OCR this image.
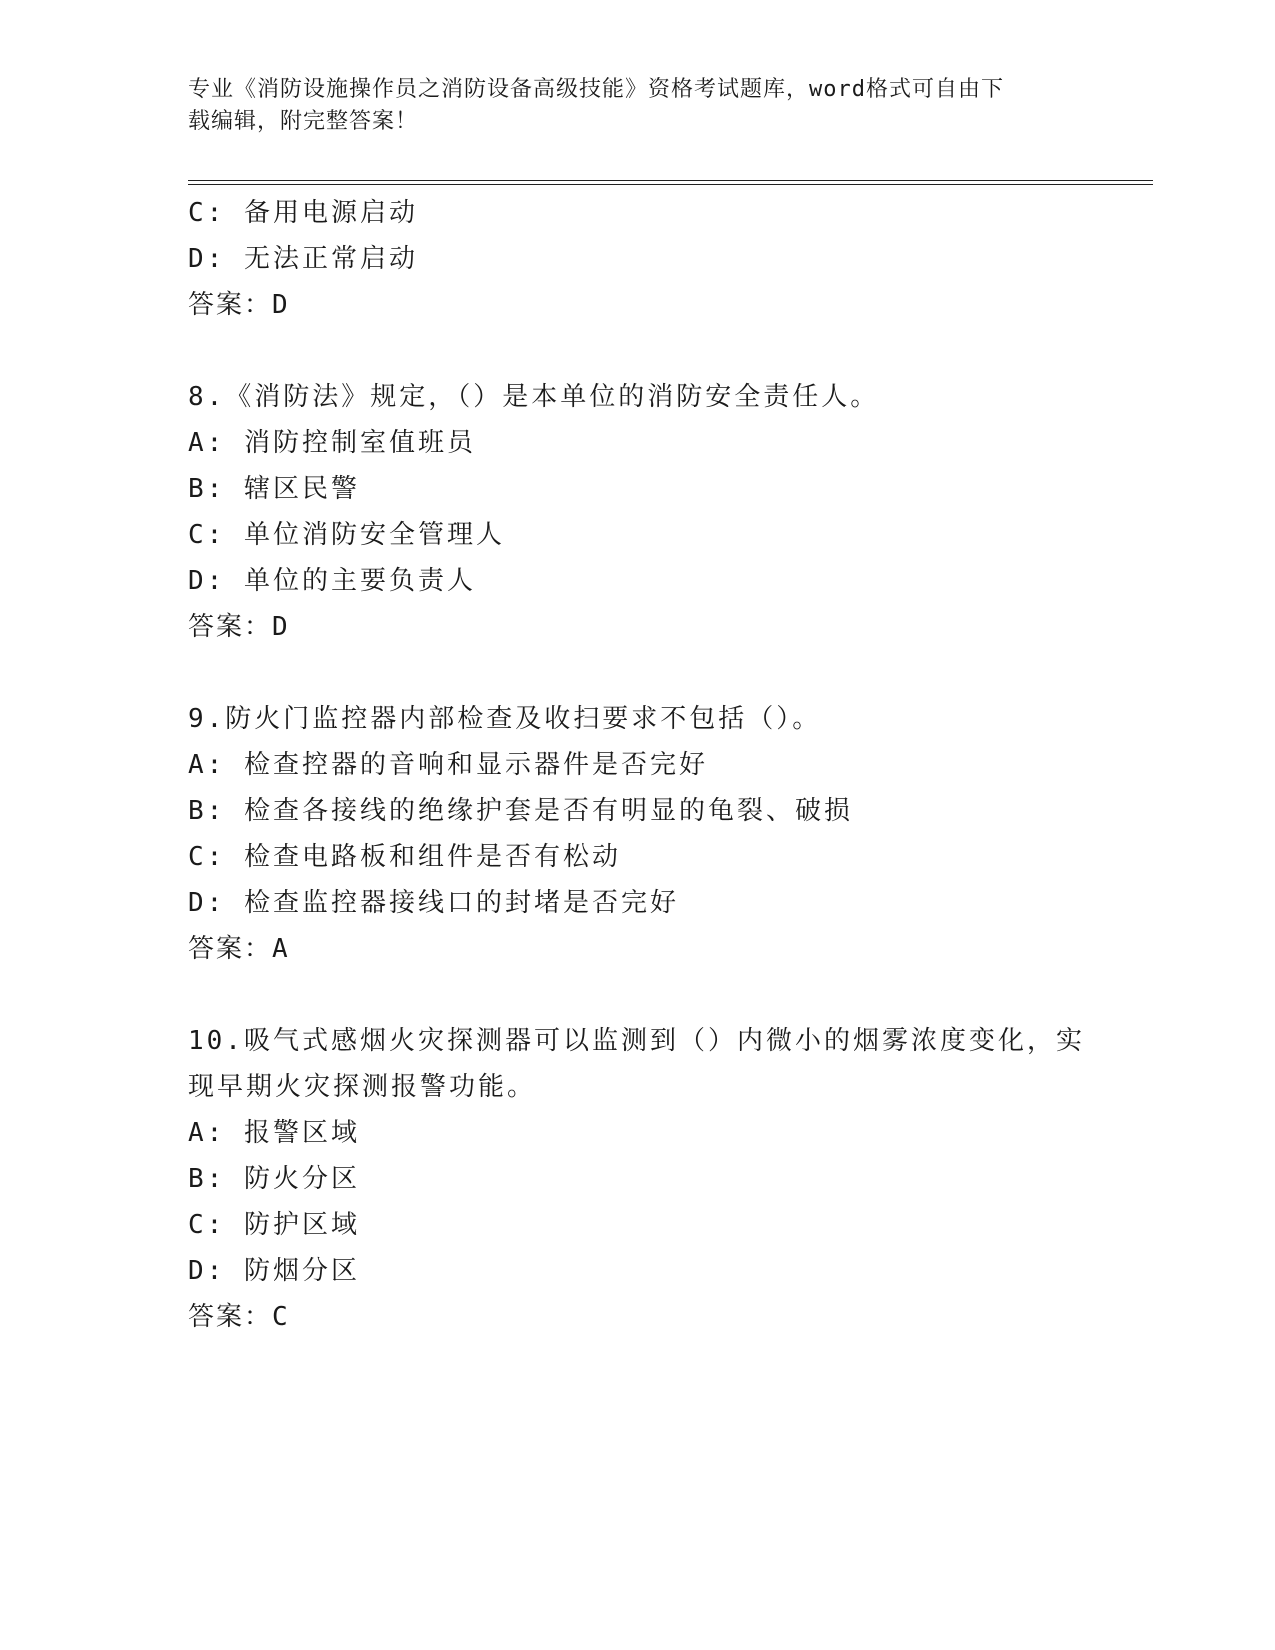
专业《消防设施操作员之消防设备高级技能》资格考试题库，word格式可自由下
载编辑，附完整答案！
C: 备用电源启动
D: 无法正常启动
答案：D
8.《消防法》规定，（）是本单位的消防安全责任人。
A: 消防控制室值班员
B: 辖区民警
C: 单位消防安全管理人
D: 单位的主要负责人
答案：D
9.防火门监控器内部检查及收扫要求不包括（）。
A: 检查控器的音响和显示器件是否完好
B: 检查各接线的绝缘护套是否有明显的龟裂、破损
C: 检查电路板和组件是否有松动
D: 检查监控器接线口的封堵是否完好
答案：A
10.吸气式感烟火灾探测器可以监测到（）内微小的烟雾浓度变化，实
现早期火灾探测报警功能。
A: 报警区域
B: 防火分区
C: 防护区域
D: 防烟分区
答案：C
